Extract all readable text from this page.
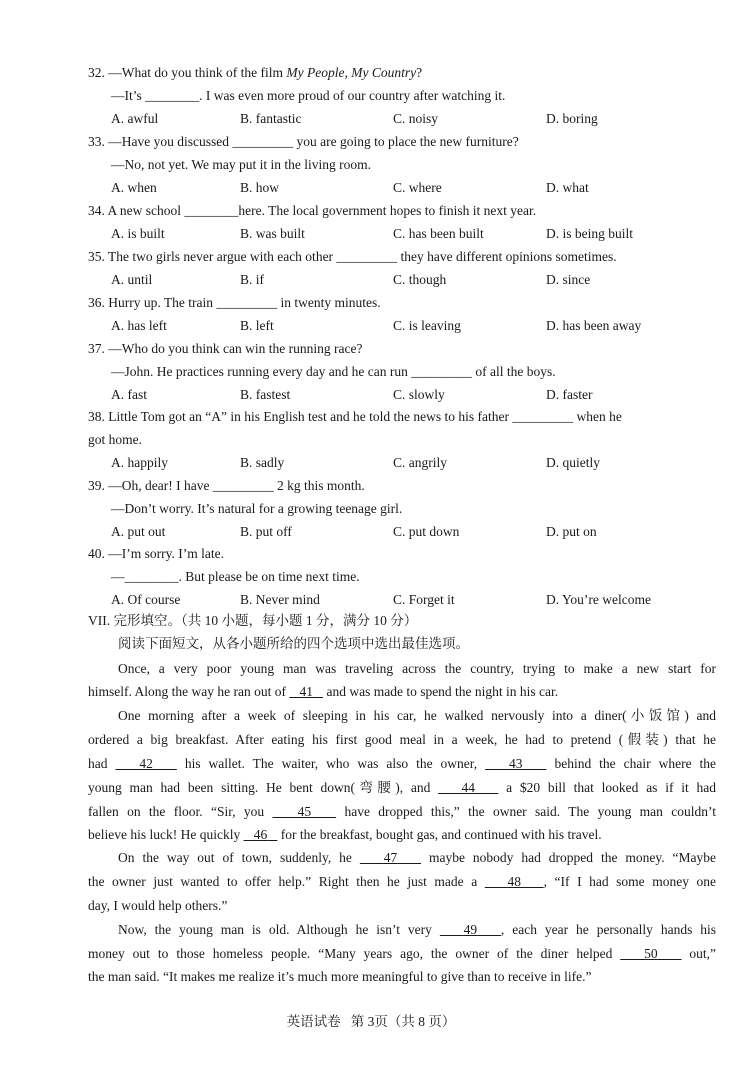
32. —What do you think of the film My People, My Country?
—It’s ________. I was even more proud of our country after watching it.
A. awful	B. fantastic	C. noisy	D. boring
33. —Have you discussed _________ you are going to place the new furniture?
—No, not yet. We may put it in the living room.
A. when	B. how	C. where	D. what
34. A new school ________here. The local government hopes to finish it next year.
A. is built	B. was built	C. has been built	D. is being built
35. The two girls never argue with each other _________ they have different opinions sometimes.
A. until	B. if	C. though	D. since
36. Hurry up. The train _________ in twenty minutes.
A. has left	B. left	C. is leaving	D. has been away
37. —Who do you think can win the running race?
—John. He practices running every day and he can run _________ of all the boys.
A. fast	B. fastest	C. slowly	D. faster
38. Little Tom got an “A” in his English test and he told the news to his father _________ when he
got home.
A. happily	B. sadly	C. angrily	D. quietly
39. —Oh, dear! I have _________ 2 kg this month.
—Don’t worry. It’s natural for a growing teenage girl.
A. put out	B. put off	C. put down	D. put on
40. —I’m sorry. I’m late.
—________. But please be on time next time.
A. Of course	B. Never mind	C. Forget it	D. You’re welcome
VII. 完形填空。（共 10 小题，每小题 1 分，满分 10 分）
阅读下面短文，从各小题所给的四个选项中选出最佳选项。
Once, a very poor young man was traveling across the country, trying to make a new start for
himself. Along the way he ran out of    41    and was made to spend the night in his car.
One morning after a week of sleeping in his car, he walked nervously into a diner(小饭馆) and
ordered a big breakfast. After eating his first good meal in a week, he had to pretend (假装) that he
had    42    his wallet. The waiter, who was also the owner,    43    behind the chair where the
young man had been sitting. He bent down(弯腰), and    44    a $20 bill that looked as if it had
fallen on the floor. “Sir, you    45    have dropped this,” the owner said. The young man couldn’t
believe his luck! He quickly    46    for the breakfast, bought gas, and continued with his travel.
On the way out of town, suddenly, he    47    maybe nobody had dropped the money. “Maybe
the owner just wanted to offer help.” Right then he just made a    48 , “If I had some money one
day, I would help others.”
Now, the young man is old. Although he isn’t very    49 , each year he personally hands his
money out to those homeless people. “Many years ago, the owner of the diner helped    50    out,”
the man said. “It makes me realize it’s much more meaningful to give than to receive in life.”
英语试卷   第 3页（共 8 页）
